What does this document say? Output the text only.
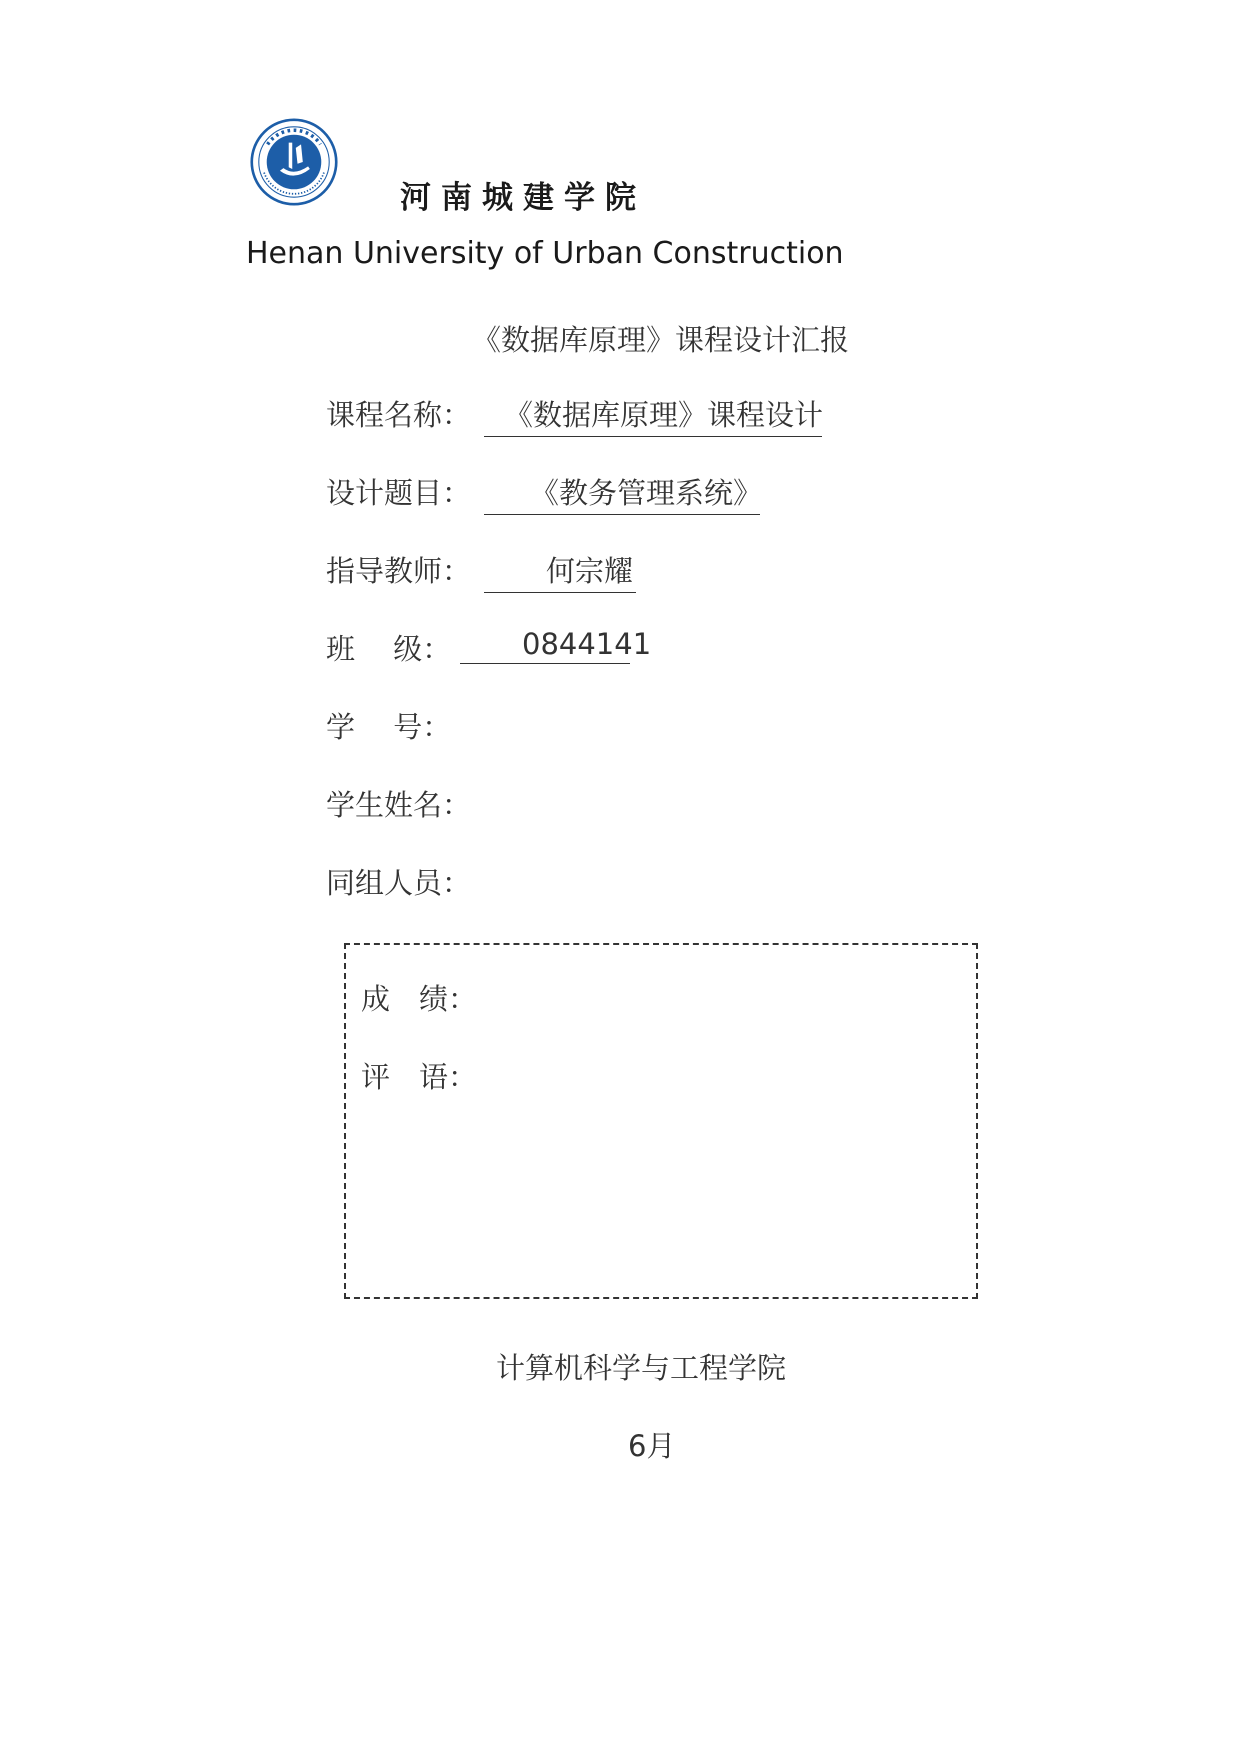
河南城建学院
Henan University of Urban Construction
《数据库原理》课程设计汇报
课程名称：	《数据库原理》课程设计
设计题目：	《教务管理系统》
指导教师：	何宗耀
班　 级：	0844141
学　 号：
学生姓名：
同组人员：
成　绩：
评　语：
计算机科学与工程学院
6月
